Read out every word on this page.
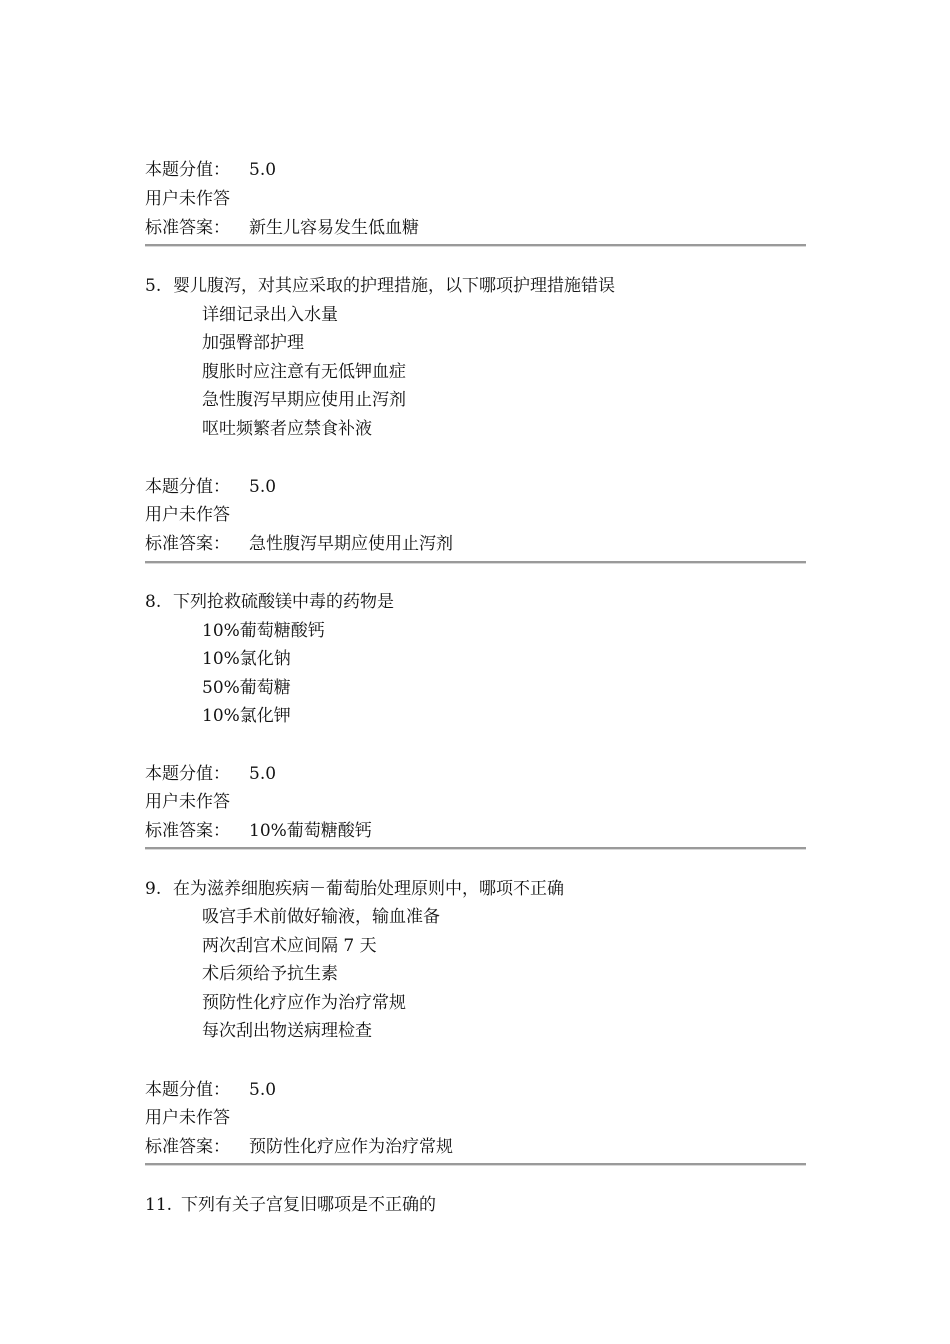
本题分值： 5.0
用户未作答
标准答案： 新生儿容易发生低血糖
5. 婴儿腹泻，对其应采取的护理措施，以下哪项护理措施错误
详细记录出入水量
加强臀部护理
腹胀时应注意有无低钾血症
急性腹泻早期应使用止泻剂
呕吐频繁者应禁食补液
本题分值： 5.0
用户未作答
标准答案： 急性腹泻早期应使用止泻剂
8. 下列抢救硫酸镁中毒的药物是
10%葡萄糖酸钙
10%氯化钠
50%葡萄糖
10%氯化钾
本题分值： 5.0
用户未作答
标准答案： 10%葡萄糖酸钙
9. 在为滋养细胞疾病－葡萄胎处理原则中，哪项不正确
吸宫手术前做好输液，输血准备
两次刮宫术应间隔 7 天
术后须给予抗生素
预防性化疗应作为治疗常规
每次刮出物送病理检查
本题分值： 5.0
用户未作答
标准答案： 预防性化疗应作为治疗常规
11. 下列有关子宫复旧哪项是不正确的
